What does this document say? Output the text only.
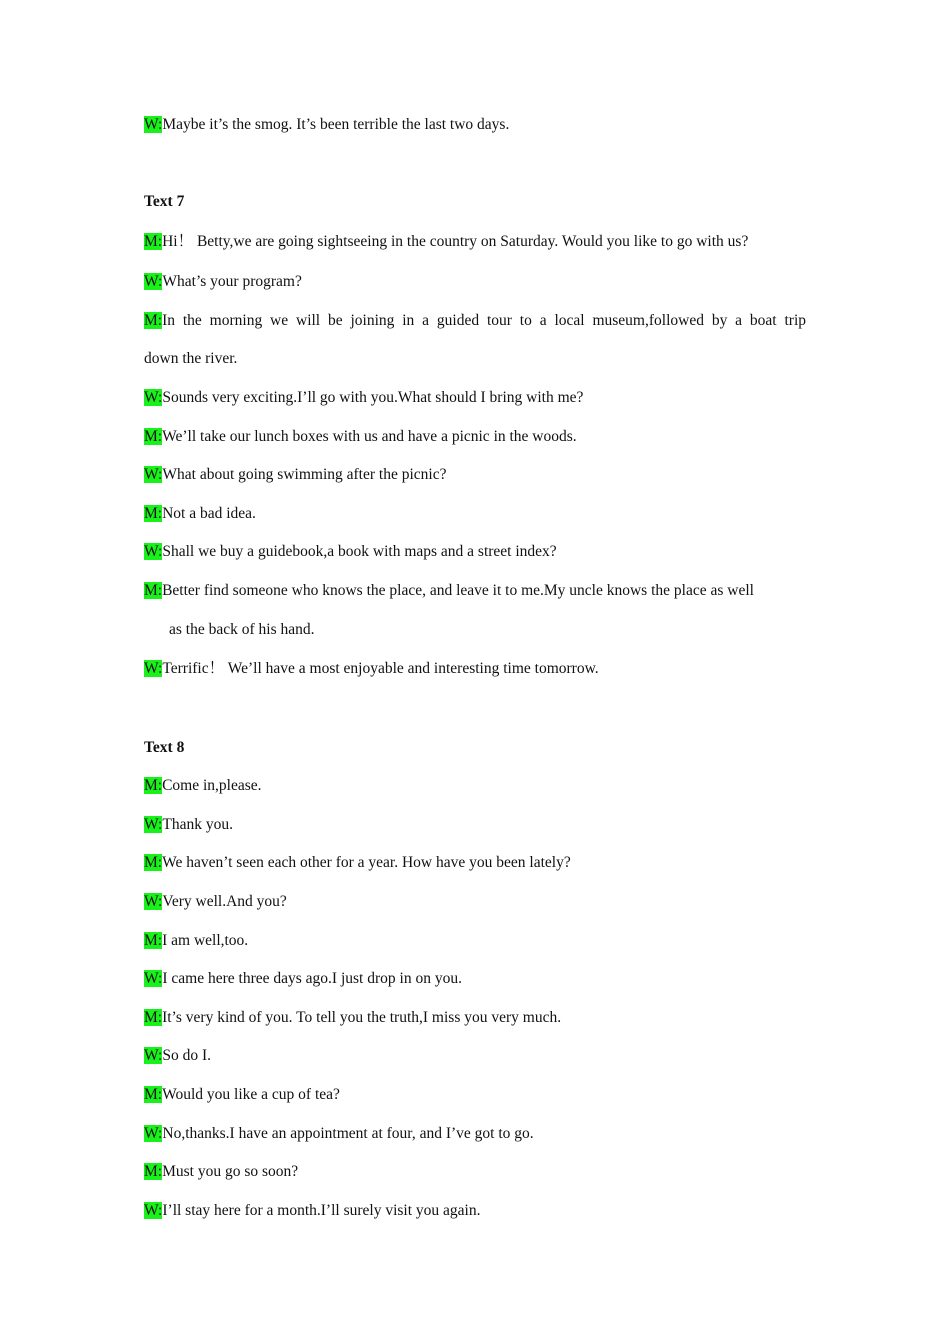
W:Maybe it’s the smog. It’s been terrible the last two days.
Text 7
M:Hi！ Betty,we are going sightseeing in the country on Saturday. Would you like to go with us?
W:What’s your program?
M:In the morning we will be joining in a guided tour to a local museum,followed by a boat trip
down the river.
W:Sounds very exciting.I’ll go with you.What should I bring with me?
M:We’ll take our lunch boxes with us and have a picnic in the woods.
W:What about going swimming after the picnic?
M:Not a bad idea.
W:Shall we buy a guidebook,a book with maps and a street index?
M:Better find someone who knows the place, and leave it to me.My uncle knows the place as well
as the back of his hand.
W:Terrific！ We’ll have a most enjoyable and interesting time tomorrow.
Text 8
M:Come in,please.
W:Thank you.
M:We haven’t seen each other for a year. How have you been lately?
W:Very well.And you?
M:I am well,too.
W:I came here three days ago.I just drop in on you.
M:It’s very kind of you. To tell you the truth,I miss you very much.
W:So do I.
M:Would you like a cup of tea?
W:No,thanks.I have an appointment at four, and I’ve got to go.
M:Must you go so soon?
W:I’ll stay here for a month.I’ll surely visit you again.
